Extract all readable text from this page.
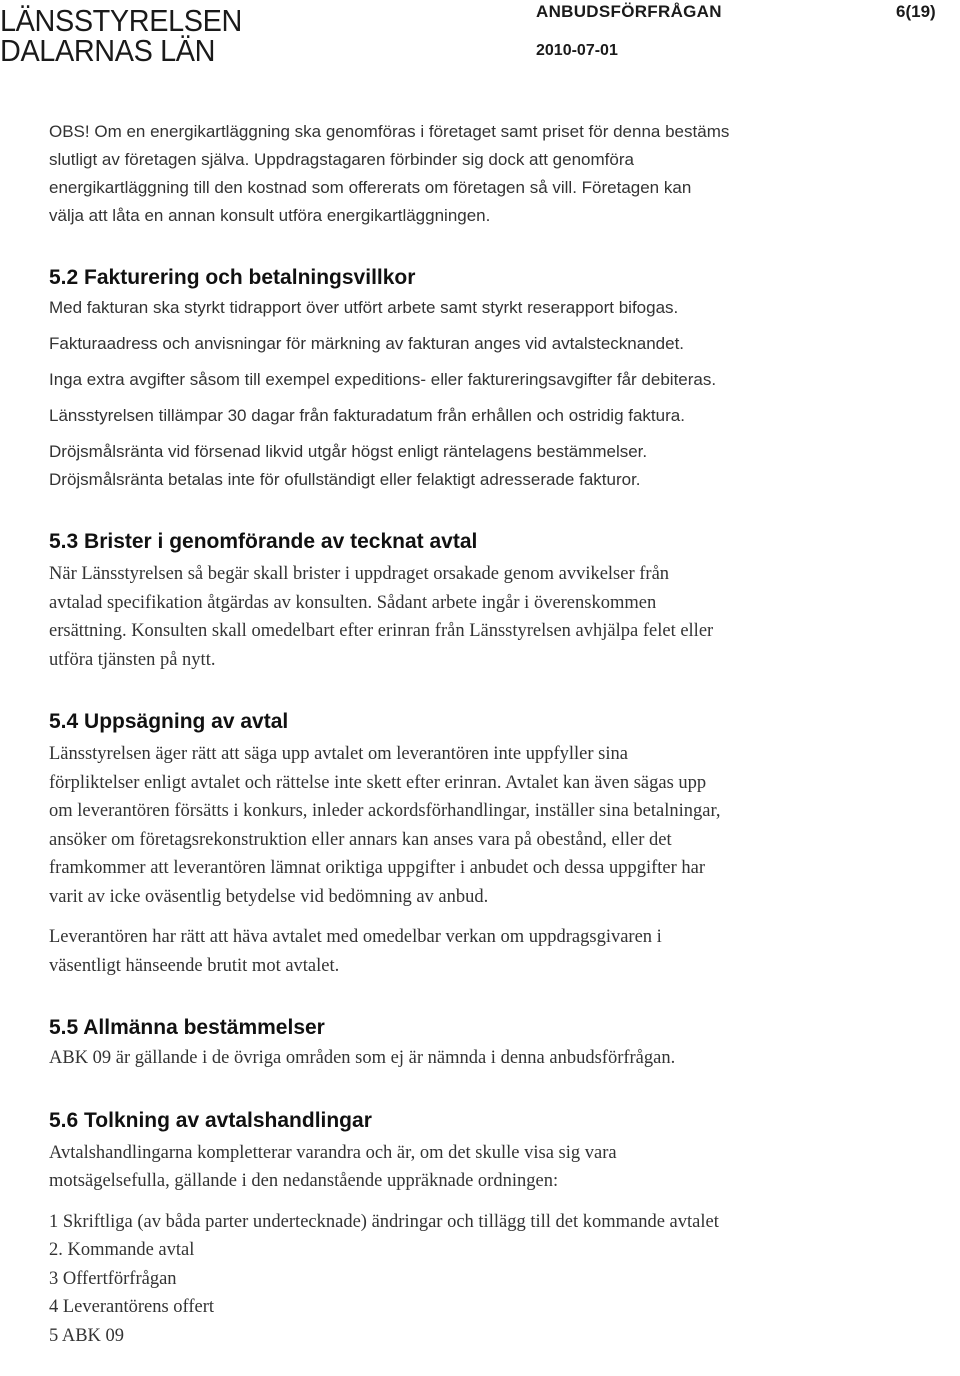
LÄNSSTYRELSEN
DALARNAS LÄN
ANBUDSFÖRFRÅGAN	6(19)
2010-07-01

OBS! Om en energikartläggning ska genomföras i företaget samt priset för denna bestäms

slutligt av företagen själva. Uppdragstagaren förbinder sig dock att genomföra

energikartläggning till den kostnad som offererats om företagen så vill. Företagen kan

välja att låta en annan konsult utföra energikartläggningen.

5.2 Fakturering och betalningsvillkor

Med fakturan ska styrkt tidrapport över utfört arbete samt styrkt reserapport bifogas.

Fakturaadress och anvisningar för märkning av fakturan anges vid avtalstecknandet.

Inga extra avgifter såsom till exempel expeditions- eller faktureringsavgifter får debiteras.

Länsstyrelsen tillämpar 30 dagar från fakturadatum från erhållen och ostridig faktura.

Dröjsmålsränta vid försenad likvid utgår högst enligt räntelagens bestämmelser.

Dröjsmålsränta betalas inte för ofullständigt eller felaktigt adresserade fakturor.

5.3 Brister i genomförande av tecknat avtal

När Länsstyrelsen så begär skall brister i uppdraget orsakade genom avvikelser från

avtalad specifikation åtgärdas av konsulten. Sådant arbete ingår i överenskommen

ersättning. Konsulten skall omedelbart efter erinran från Länsstyrelsen avhjälpa felet eller

utföra tjänsten på nytt.

5.4 Uppsägning av avtal

Länsstyrelsen äger rätt att säga upp avtalet om leverantören inte uppfyller sina

förpliktelser enligt avtalet och rättelse inte skett efter erinran. Avtalet kan även sägas upp

om leverantören försätts i konkurs, inleder ackordsförhandlingar, inställer sina betalningar,

ansöker om företagsrekonstruktion eller annars kan anses vara på obestånd, eller det

framkommer att leverantören lämnat oriktiga uppgifter i anbudet och dessa uppgifter har

varit av icke oväsentlig betydelse vid bedömning av anbud.

Leverantören har rätt att häva avtalet med omedelbar verkan om uppdragsgivaren i

väsentligt hänseende brutit mot avtalet.

5.5 Allmänna bestämmelser

ABK 09 är gällande i de övriga områden som ej är nämnda i denna anbudsförfrågan.

5.6 Tolkning av avtalshandlingar

Avtalshandlingarna kompletterar varandra och är, om det skulle visa sig vara

motsägelsefulla, gällande i den nedanstående uppräknade ordningen:

1 Skriftliga (av båda parter undertecknade) ändringar och tillägg till det kommande avtalet

2. Kommande avtal

3 Offertförfrågan

4 Leverantörens offert

5 ABK 09
